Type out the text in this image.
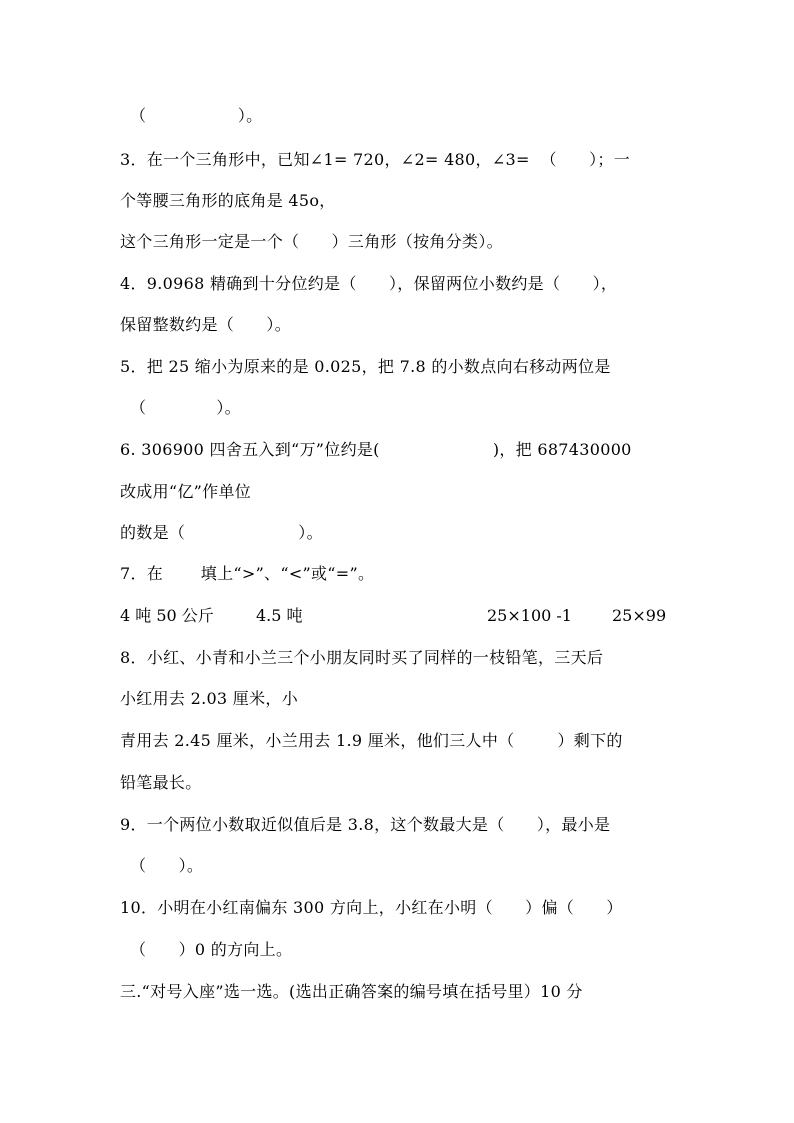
（                 ）。
3．在一个三角形中，已知∠1= 720，∠2= 480，∠3=  （      ）；一
个等腰三角形的底角是 45o，
这个三角形一定是一个（      ）三角形（按角分类）。
4．9.0968 精确到十分位约是（      ），保留两位小数约是（      ），
保留整数约是（      ）。
5．把 25 缩小为原来的是 0.025，把 7.8 的小数点向右移动两位是
（             ）。
6. 306900 四舍五入到“万”位约是(                     )，把 687430000
改成用“亿”作单位
的数是（                     ）。
7．在       填上“>”、“<”或“=”。
4 吨 50 公斤	4.5 吨	25×100 -1	25×99
8．小红、小青和小兰三个小朋友同时买了同样的一枝铅笔，三天后
小红用去 2.03 厘米，小
青用去 2.45 厘米，小兰用去 1.9 厘米，他们三人中（        ）剩下的
铅笔最长。
9．一个两位小数取近似值后是 3.8，这个数最大是（      ），最小是
（      ）。
10．小明在小红南偏东 300 方向上，小红在小明（      ）偏（      ）
（      ）0 的方向上。
三.“对号入座”选一选。(选出正确答案的编号填在括号里）10 分
